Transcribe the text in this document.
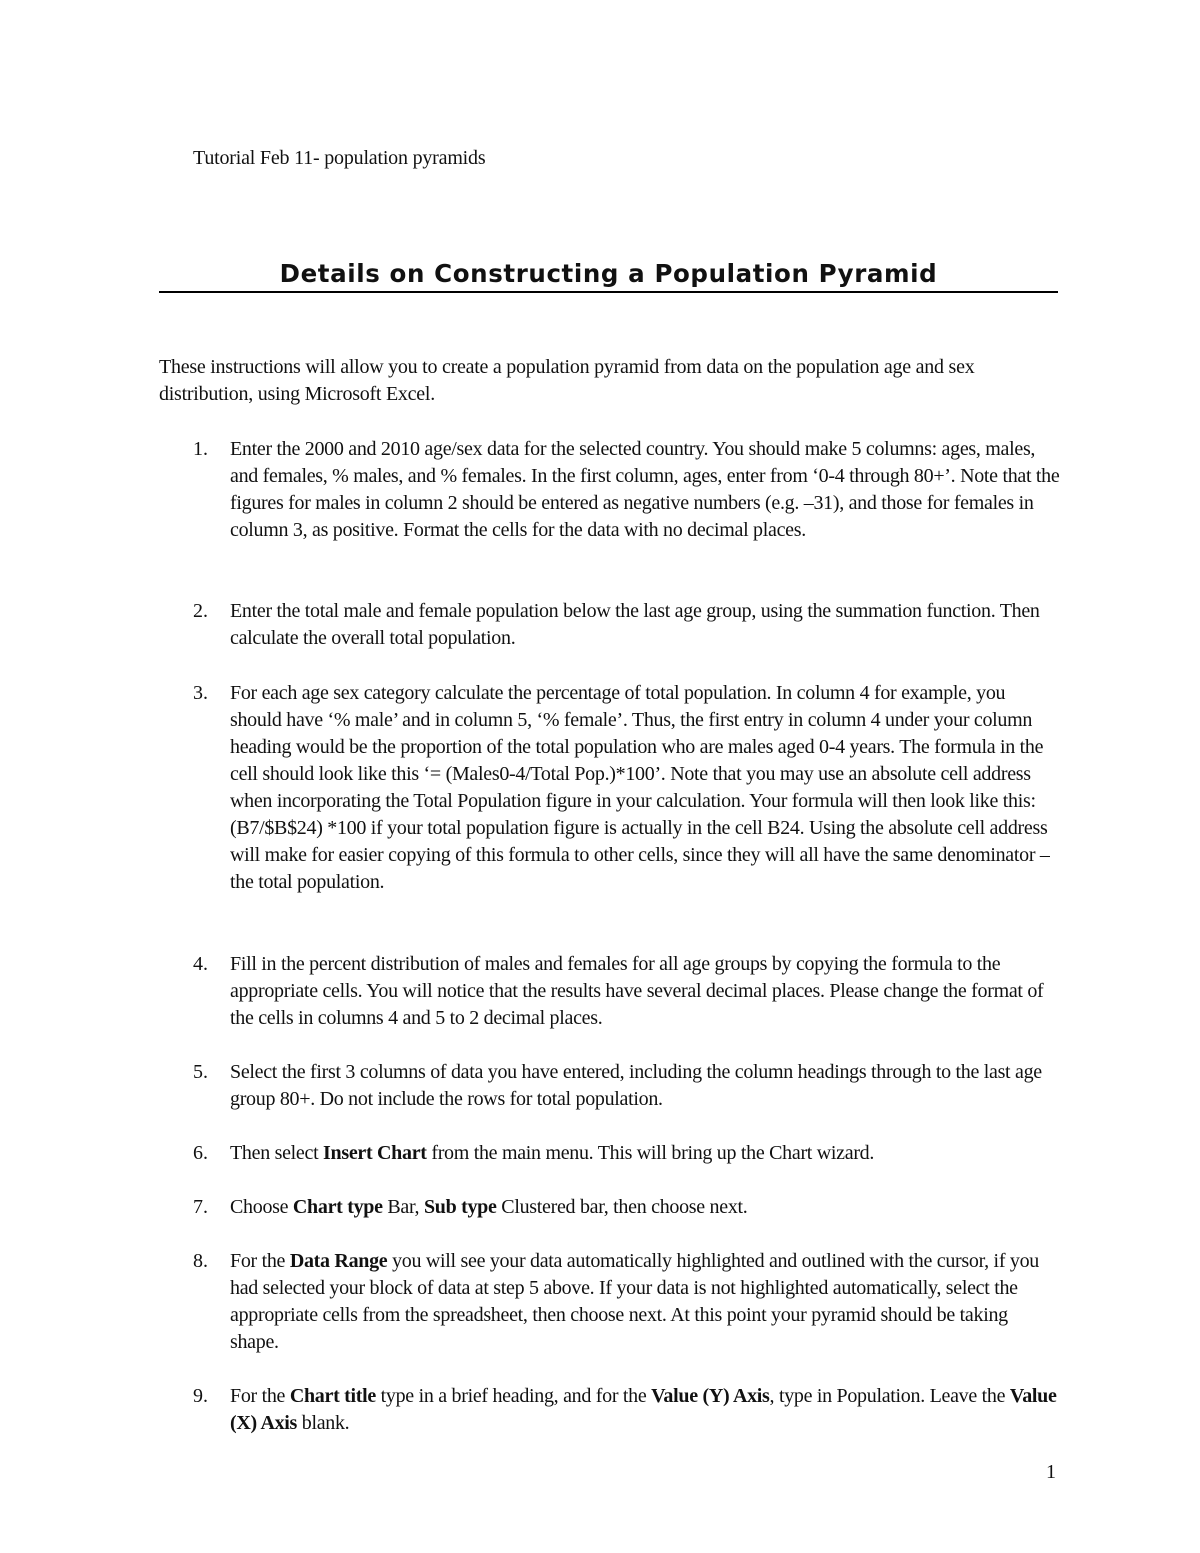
Tutorial Feb 11- population pyramids
Details on Constructing a Population Pyramid

These instructions will allow you to create a population pyramid from data on the population age and sex distribution, using Microsoft Excel.

1. Enter the 2000 and 2010 age/sex data for the selected country. You should make 5 columns: ages, males, and females, % males, and % females. In the first column, ages, enter from ‘0-4 through 80+’. Note that the figures for males in column 2 should be entered as negative numbers (e.g. –31), and those for females in column 3, as positive. Format the cells for the data with no decimal places.

2. Enter the total male and female population below the last age group, using the summation function. Then calculate the overall total population.

3. For each age sex category calculate the percentage of total population. In column 4 for example, you should have ‘% male’ and in column 5, ‘% female’. Thus, the first entry in column 4 under your column heading would be the proportion of the total population who are males aged 0-4 years. The formula in the cell should look like this ‘= (Males0-4/Total Pop.)*100’. Note that you may use an absolute cell address when incorporating the Total Population figure in your calculation. Your formula will then look like this: (B7/$B$24) *100 if your total population figure is actually in the cell B24. Using the absolute cell address will make for easier copying of this formula to other cells, since they will all have the same denominator – the total population.

4. Fill in the percent distribution of males and females for all age groups by copying the formula to the appropriate cells. You will notice that the results have several decimal places. Please change the format of the cells in columns 4 and 5 to 2 decimal places.

5. Select the first 3 columns of data you have entered, including the column headings through to the last age group 80+. Do not include the rows for total population.

6. Then select Insert Chart from the main menu. This will bring up the Chart wizard.

7. Choose Chart type Bar, Sub type Clustered bar, then choose next.

8. For the Data Range you will see your data automatically highlighted and outlined with the cursor, if you had selected your block of data at step 5 above. If your data is not highlighted automatically, select the appropriate cells from the spreadsheet, then choose next. At this point your pyramid should be taking shape.

9. For the Chart title type in a brief heading, and for the Value (Y) Axis, type in Population. Leave the Value (X) Axis blank.

1
